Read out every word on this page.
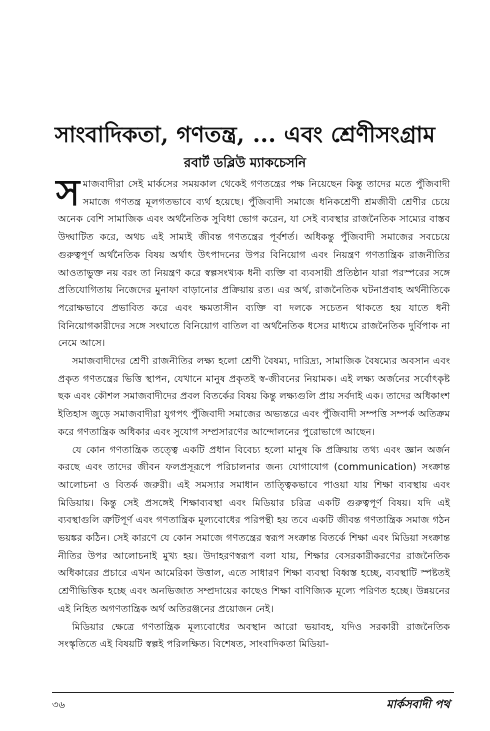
সাংবাদিকতা, গণতন্ত্র, ... এবং শ্রেণীসংগ্রাম
রবার্ট ডব্লিউ ম্যাকচেসনি

সমাজবাদীরা সেই মার্কসের সময়কাল থেকেই গণতন্ত্রের পক্ষ নিয়েছেন কিন্তু তাদের মতে পুঁজিবাদী সমাজে গণতন্ত্র মূলগতভাবে ব্যর্থ হয়েছে। পুঁজিবাদী সমাজে ধনিকশ্রেণী শ্রমজীবী শ্রেণীর চেয়ে অনেক বেশি সামাজিক এবং অর্থনৈতিক সুবিধা ভোগ করেন, যা সেই ব্যবস্থার রাজনৈতিক সাম্যের বাস্তব উদ্ঘাটিত করে, অথচ এই সাম্যই জীবন্ত গণতন্ত্রের পূর্বশর্ত। অধিকন্তু পুঁজিবাদী সমাজের সবচেয়ে গুরুত্বপূর্ণ অর্থনৈতিক বিষয় অর্থাৎ উৎপাদনের উপর বিনিয়োগ এবং নিয়ন্ত্রণ গণতান্ত্রিক রাজনীতির আওতাভুক্ত নয় বরং তা নিয়ন্ত্রণ করে স্বল্পসংখ্যক ধনী ব্যক্তি বা ব্যবসায়ী প্রতিষ্ঠান যারা পরস্পরের সঙ্গে প্রতিযোগিতায় নিজেদের মুনাফা বাড়ানোর প্রক্রিয়ায় রত। এর অর্থ, রাজনৈতিক ঘটনাপ্রবাহ অর্থনীতিকে পরোক্ষভাবে প্রভাবিত করে এবং ক্ষমতাসীন ব্যক্তি বা দলকে সচেতন থাকতে হয় যাতে ধনী বিনিয়োগকারীদের সঙ্গে সংঘাতে বিনিয়োগ বাতিল বা অর্থনৈতিক ধসের মাধ্যমে রাজনৈতিক দুর্বিপাক না নেমে আসে।

সমাজবাদীদের শ্রেণী রাজনীতির লক্ষ্য হলো শ্রেণী বৈষম্য, দারিদ্র্য, সামাজিক বৈষম্যের অবসান এবং প্রকৃত গণতন্ত্রের ভিত্তি স্থাপন, যেখানে মানুষ প্রকৃতই স্ব-জীবনের নিয়ামক। এই লক্ষ্য অর্জনের সর্বোৎকৃষ্ট ছক এবং কৌশল সমাজবাদীদের প্রবল বিতর্কের বিষয় কিন্তু লক্ষ্যগুলি প্রায় সর্বদাই এক। তাদের অধিকাংশ ইতিহাস জুড়ে সমাজবাদীরা যুগপৎ পুঁজিবাদী সমাজের অভ্যন্তরে এবং পুঁজিবাদী সম্পত্তি সম্পর্ক অতিক্রম করে গণতান্ত্রিক অধিকার এবং সুযোগ সম্প্রসারণের আন্দোলনের পুরোভাগে আছেন।

যে কোন গণতান্ত্রিক তত্ত্বে একটি প্রধান বিবেচ্য হলো মানুষ কি প্রক্রিয়ায় তথ্য এবং জ্ঞান অর্জন করছে এবং তাদের জীবন ফলপ্রসূরূপে পরিচালনার জন্য যোগাযোগ (communication) সংক্রান্ত আলোচনা ও বিতর্ক জরুরী। এই সমস্যার সমাধান তাত্ত্বিকভাবে পাওয়া যায় শিক্ষা ব্যবস্থায় এবং মিডিয়ায়। কিন্তু সেই প্রসঙ্গেই শিক্ষাব্যবস্থা এবং মিডিয়ার চরিত্র একটি গুরুত্বপূর্ণ বিষয়। যদি এই ব্যবস্থাগুলি ত্রুটিপূর্ণ এবং গণতান্ত্রিক মূল্যবোধের পরিপন্থী হয় তবে একটি জীবন্ত গণতান্ত্রিক সমাজ গঠন ভয়ঙ্কর কঠিন। সেই কারণে যে কোন সমাজে গণতন্ত্রের স্বরূপ সংক্রান্ত বিতর্কে শিক্ষা এবং মিডিয়া সংক্রান্ত নীতির উপর আলোচনাই মুখ্য হয়। উদাহরণস্বরূপ বলা যায়, শিক্ষার বেসরকারীকরণের রাজনৈতিক অধিকারের প্রচারে এখন আমেরিকা উত্তাল, এতে সাধারণ শিক্ষা ব্যবস্থা বিধ্বস্ত হচ্ছে, ব্যবস্থাটি স্পষ্টতই শ্রেণীভিত্তিক হচ্ছে এবং অনভিজাত সম্প্রদায়ের কাছেও শিক্ষা বাণিজ্যিক মূল্যে পরিণত হচ্ছে। উন্নয়নের এই নিহিত অগণতান্ত্রিক অর্থ অতিরঞ্জনের প্রয়োজন নেই।

মিডিয়ার ক্ষেত্রে গণতান্ত্রিক মূল্যবোধের অবস্থান আরো ভয়াবহ, যদিও সরকারী রাজনৈতিক সংস্কৃতিতে এই বিষয়টি স্বল্পই পরিলক্ষিত। বিশেষত, সাংবাদিকতা মিডিয়া-

৩৬	মার্কসবাদী পথ
